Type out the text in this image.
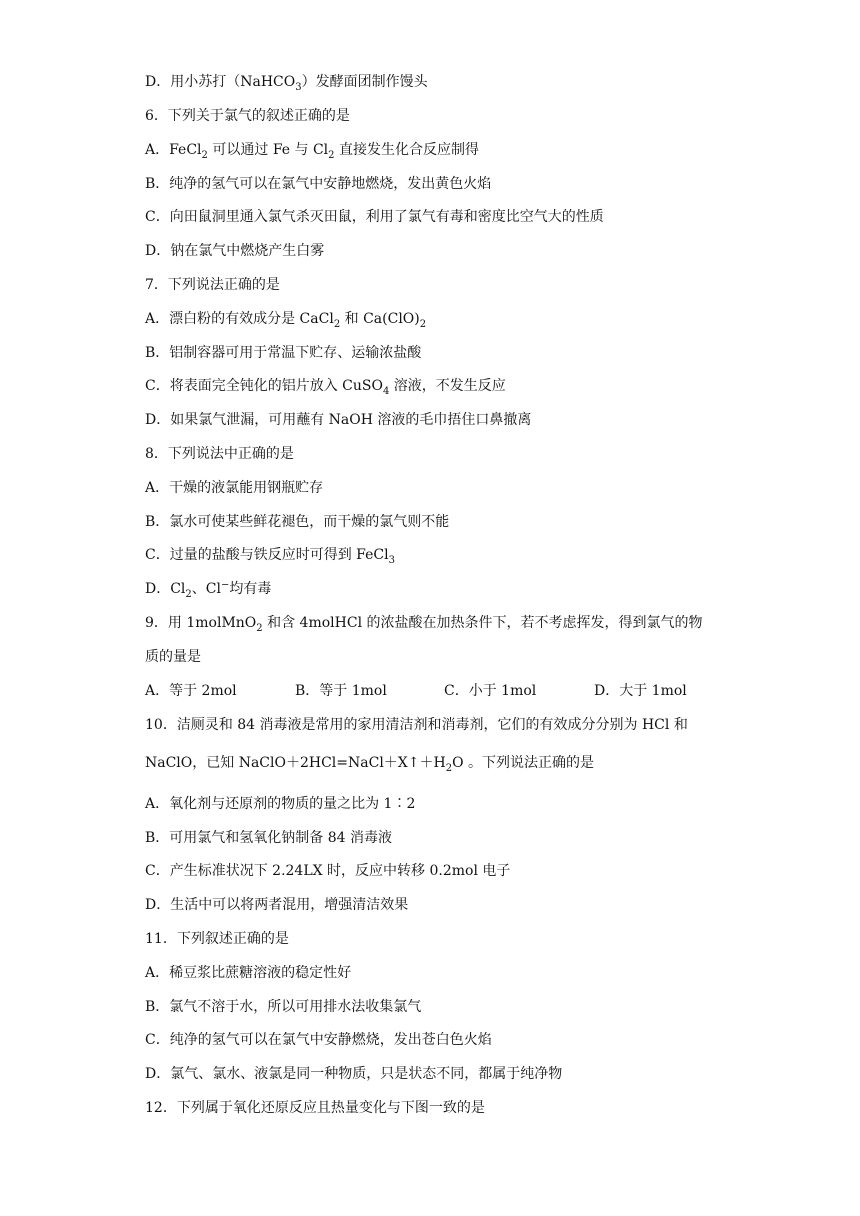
D．用小苏打（NaHCO$_3$）发酵面团制作馒头
6．下列关于氯气的叙述正确的是
A．FeCl$_2$ 可以通过 Fe 与 $Cl_2$ 直接发生化合反应制得
B．纯净的氢气可以在氯气中安静地燃烧，发出黄色火焰
C．向田鼠洞里通入氯气杀灭田鼠，利用了氯气有毒和密度比空气大的性质
D．钠在氯气中燃烧产生白雾
7．下列说法正确的是
A．漂白粉的有效成分是 CaCl$_2$ 和 $Ca(ClO)_2$
B．铝制容器可用于常温下贮存、运输浓盐酸
C．将表面完全钝化的铝片放入 CuSO$_4$ 溶液，不发生反应
D．如果氯气泄漏，可用蘸有 NaOH 溶液的毛巾捂住口鼻撤离
8．下列说法中正确的是
A．干燥的液氯能用钢瓶贮存
B．氯水可使某些鲜花褪色，而干燥的氯气则不能
C．过量的盐酸与铁反应时可得到 FeCl$_3$
D．$Cl_2$、Cl−均有毒
9．用 1molMnO$_2$ 和含 4molHCl 的浓盐酸在加热条件下，若不考虑挥发，得到氯气的物
质的量是
A．等于 2mol	B．等于 1mol	C．小于 1mol	D．大于 1mol
10．洁厕灵和 84 消毒液是常用的家用清洁剂和消毒剂，它们的有效成分分别为 HCl 和
NaClO，已知 $NaClO+2HCl=NaCl+X↑+H_2O$ 。下列说法正确的是
A．氧化剂与还原剂的物质的量之比为 1∶2
B．可用氯气和氢氧化钠制备 84 消毒液
C．产生标准状况下 2.24LX 时，反应中转移 0.2mol 电子
D．生活中可以将两者混用，增强清洁效果
11．下列叙述正确的是
A．稀豆浆比蔗糖溶液的稳定性好
B．氯气不溶于水，所以可用排水法收集氯气
C．纯净的氢气可以在氯气中安静燃烧，发出苍白色火焰
D．氯气、氯水、液氯是同一种物质，只是状态不同，都属于纯净物
12．下列属于氧化还原反应且热量变化与下图一致的是
